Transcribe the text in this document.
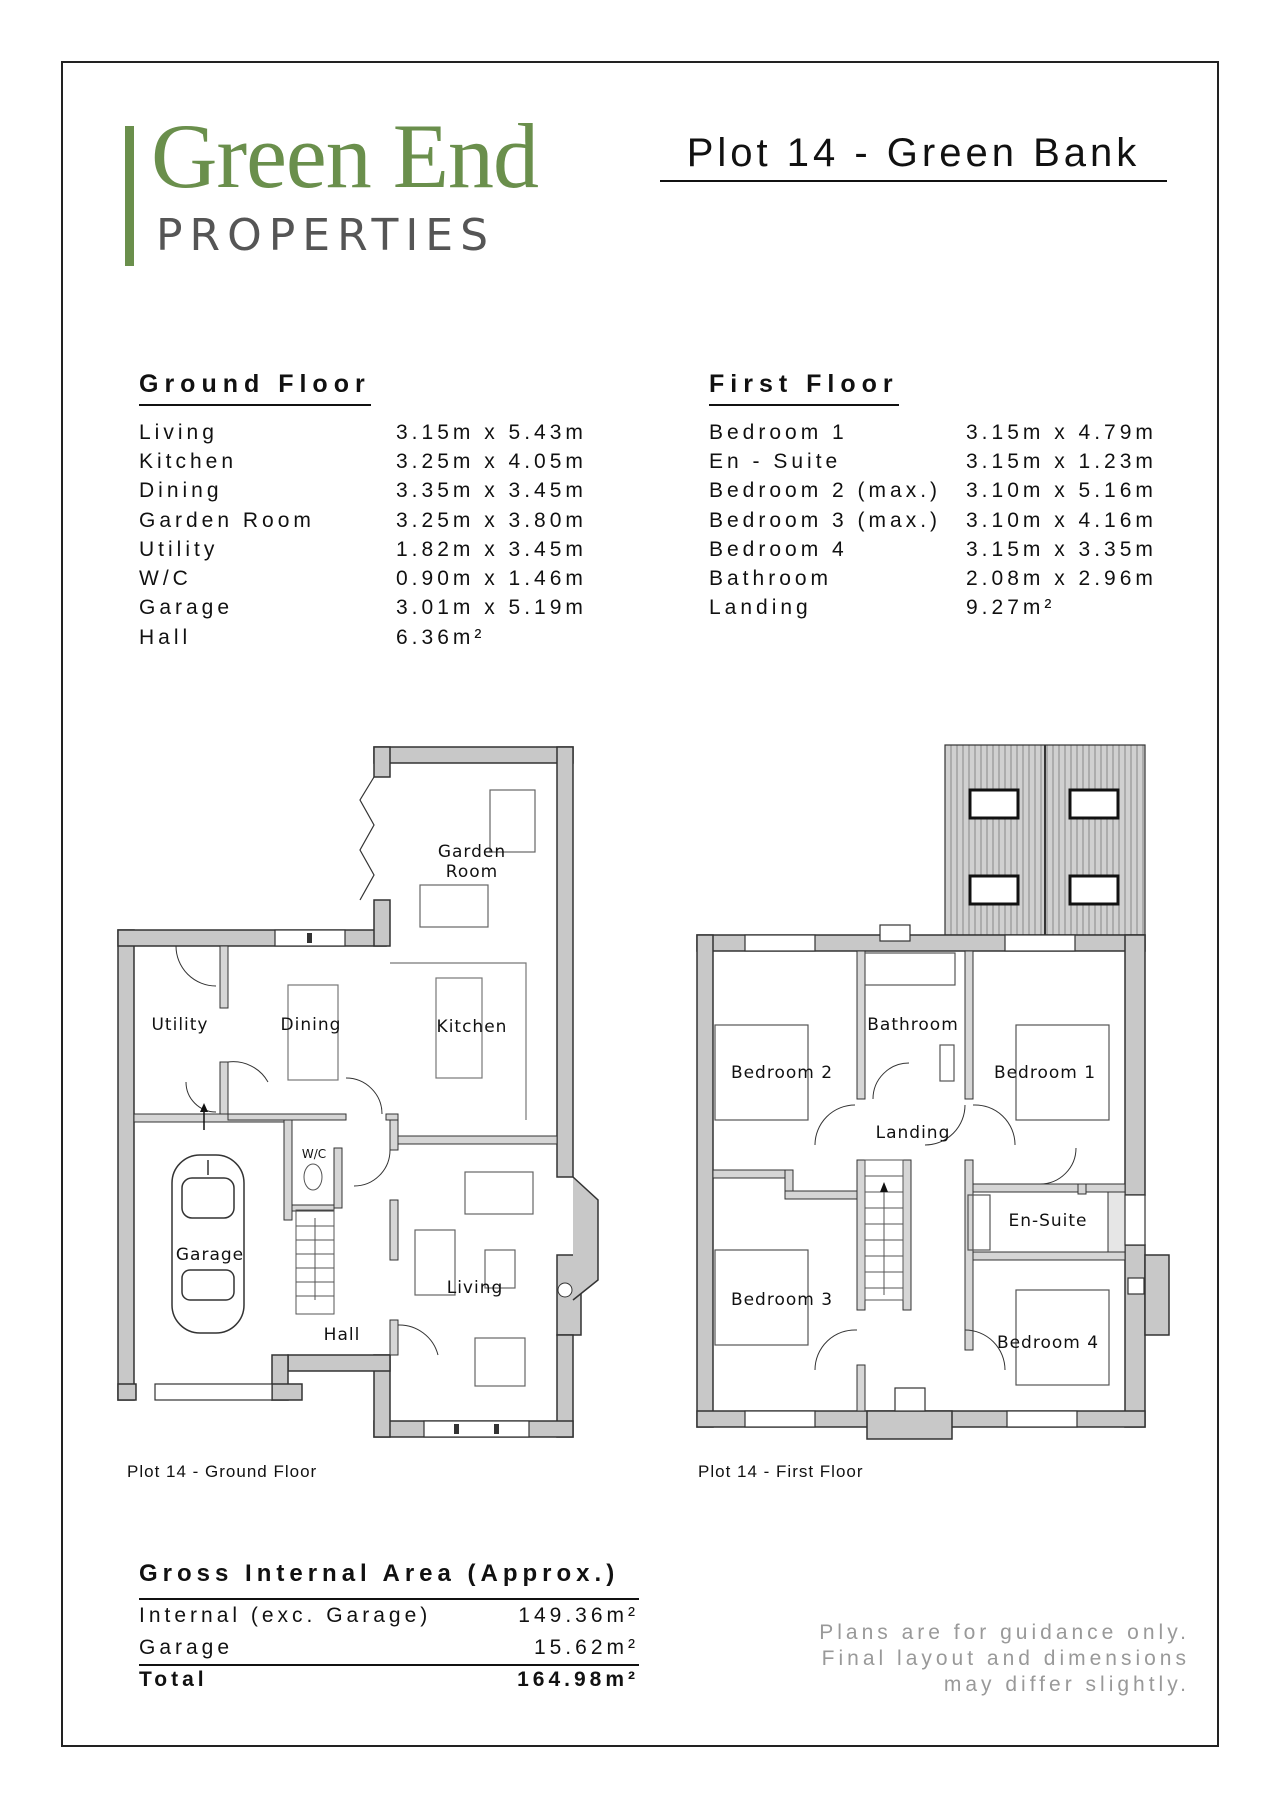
Green End
PROPERTIES
Plot 14 - Green Bank
Ground Floor
Living	3.15m x 5.43m
Kitchen	3.25m x 4.05m
Dining	3.35m x 3.45m
Garden Room	3.25m x 3.80m
Utility	1.82m x 3.45m
W/C	0.90m x 1.46m
Garage	3.01m x 5.19m
Hall	6.36m²
First Floor
Bedroom 1	3.15m x 4.79m
En - Suite	3.15m x 1.23m
Bedroom 2 (max.)	3.10m x 5.16m
Bedroom 3 (max.)	3.10m x 4.16m
Bedroom 4	3.15m x 3.35m
Bathroom	2.08m x 2.96m
Landing	9.27m²
Garden
Room
Utility	Dining	Kitchen
Garage
Living
Hall
W/C
Bathroom
Bedroom 2	Bedroom 1
Landing
En-Suite
Bedroom 3
Bedroom 4
Plot 14 - Ground Floor	Plot 14 - First Floor
Gross Internal Area (Approx.)
Internal (exc. Garage)	149.36m²
Garage	15.62m²
Total	164.98m²
Plans are for guidance only.
Final layout and dimensions
may differ slightly.
